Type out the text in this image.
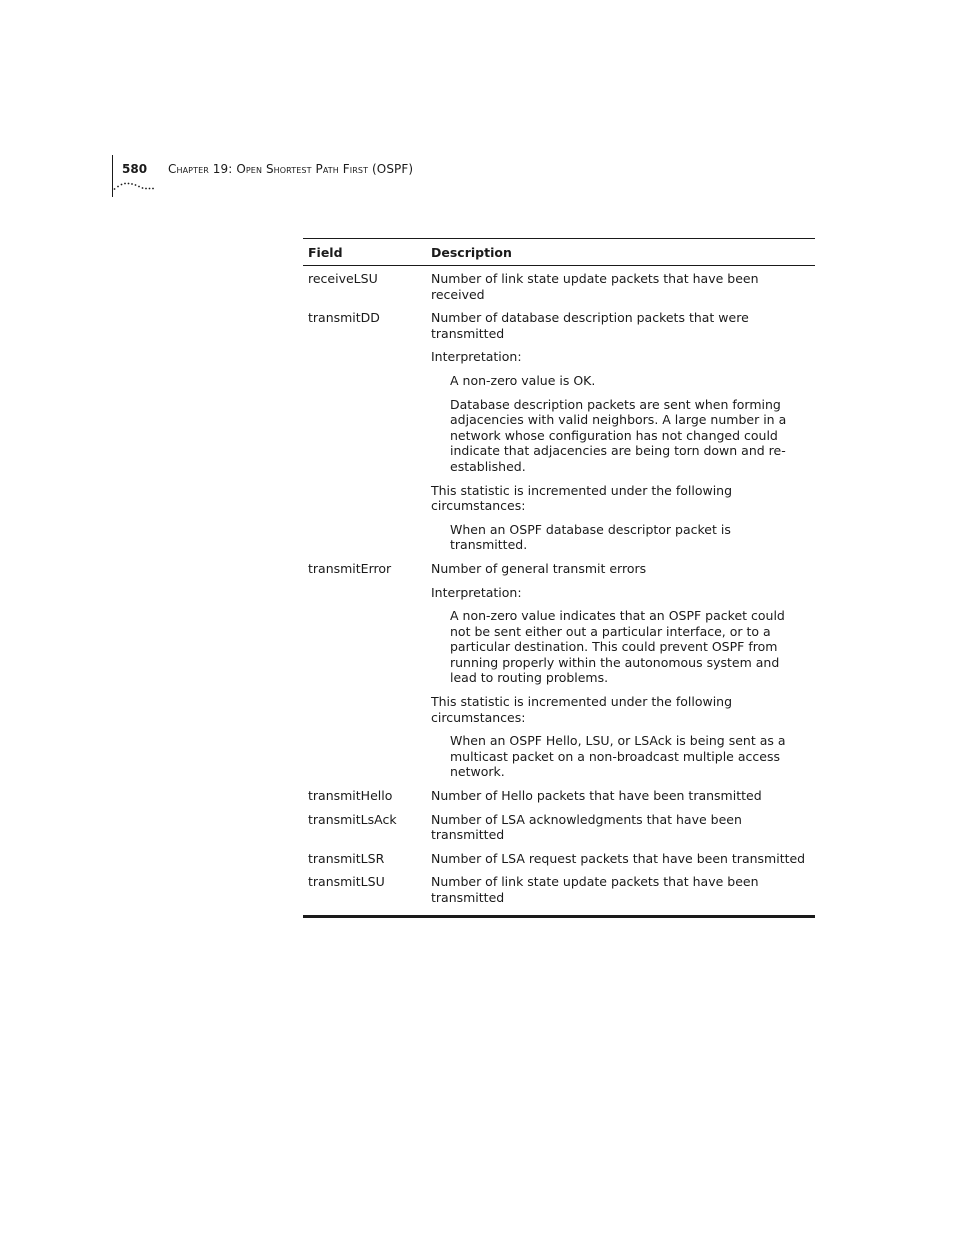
580 Chapter 19: Open Shortest Path First (OSPF)
Field	Description
receiveLSU	Number of link state update packets that have been received

transmitDD	Number of database description packets that were transmitted

Interpretation:

A non-zero value is OK.

Database description packets are sent when forming adjacencies with valid neighbors. A large number in a network whose configuration has not changed could indicate that adjacencies are being torn down and re-established.

This statistic is incremented under the following circumstances:

When an OSPF database descriptor packet is transmitted.

transmitError	Number of general transmit errors

Interpretation:

A non-zero value indicates that an OSPF packet could not be sent either out a particular interface, or to a particular destination. This could prevent OSPF from running properly within the autonomous system and lead to routing problems.

This statistic is incremented under the following circumstances:

When an OSPF Hello, LSU, or LSAck is being sent as a multicast packet on a non-broadcast multiple access network.

transmitHello	Number of Hello packets that have been transmitted

transmitLsAck	Number of LSA acknowledgments that have been transmitted

transmitLSR	Number of LSA request packets that have been transmitted

transmitLSU	Number of link state update packets that have been transmitted
